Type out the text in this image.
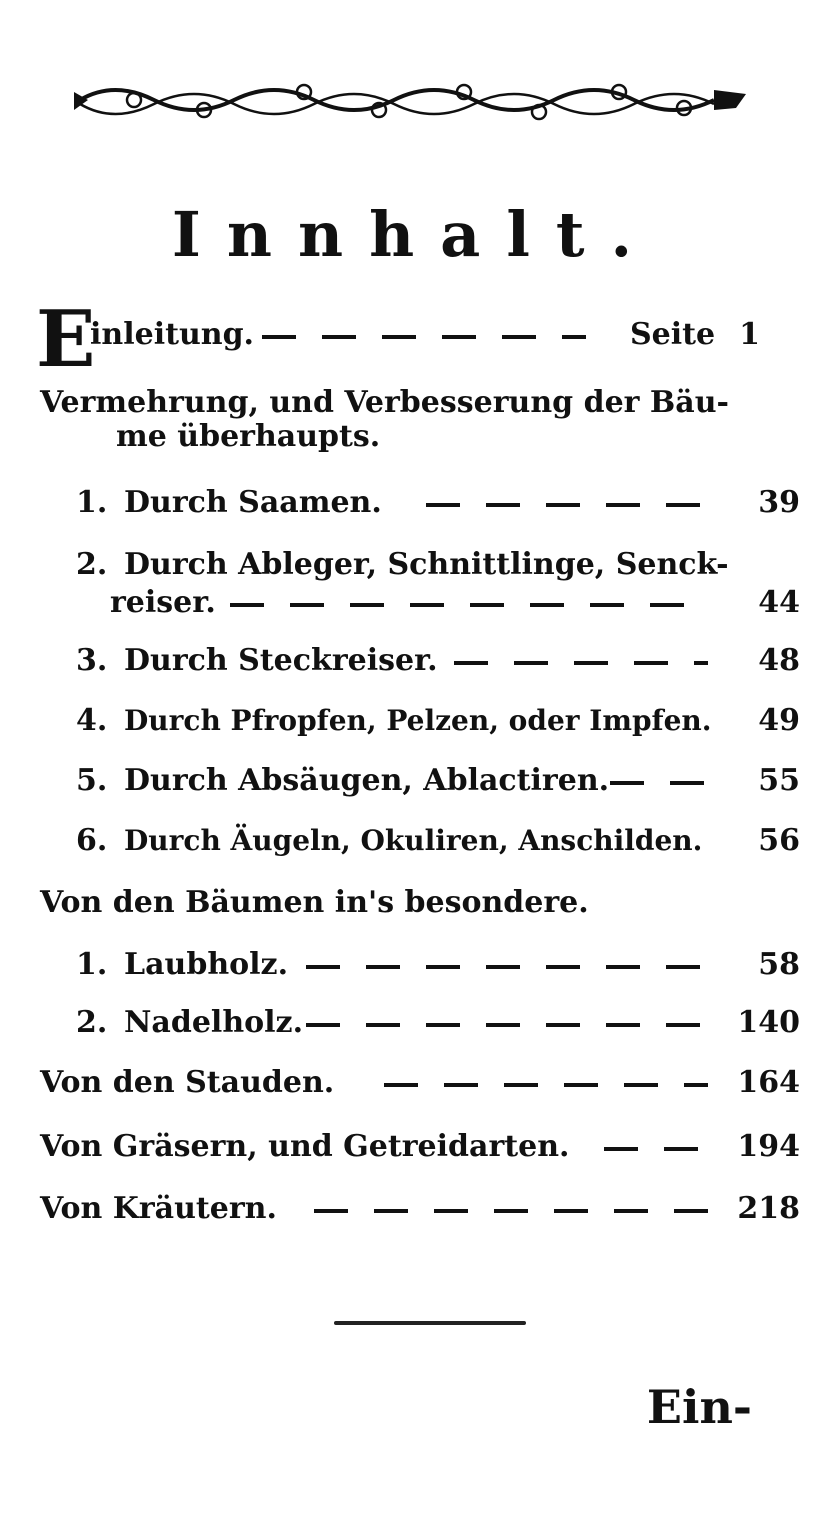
Innhalt.
E
inleitung.	Seite 1
Vermehrung, und Verbesserung der Bäu-
me überhaupts.
1. Durch Saamen.	39
2. Durch Ableger, Schnittlinge, Senck-
reiser.	44
3. Durch Steckreiser.	48
4. Durch Pfropfen, Pelzen, oder Impfen. 49
5. Durch Absäugen, Ablactiren.	55
6. Durch Äugeln, Okuliren, Anschilden. 56
Von den Bäumen in's besondere.
1. Laubholz.	58
2. Nadelholz.	140
Von den Stauden.	164
Von Gräsern, und Getreidarten.	194
Von Kräutern.	218
Ein-
